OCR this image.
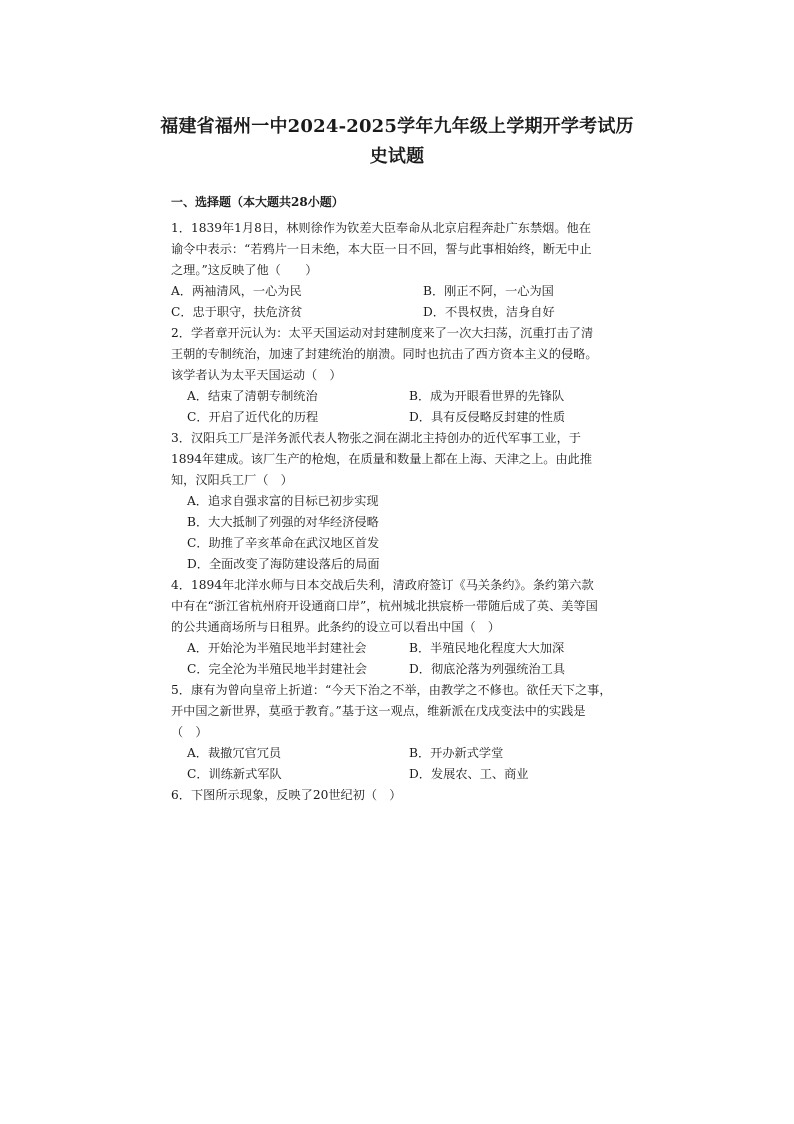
福建省福州一中2024-2025学年九年级上学期开学考试历
史试题
一、选择题（本大题共28小题）

1．1839年1月8日，林则徐作为钦差大臣奉命从北京启程奔赴广东禁烟。他在

谕令中表示：“若鸦片一日未绝，本大臣一日不回，誓与此事相始终，断无中止

之理。”这反映了他（　　）

A．两袖清风，一心为民	B．刚正不阿，一心为国
C．忠于职守，扶危济贫	D．不畏权贵，洁身自好

2．学者章开沅认为：太平天国运动对封建制度来了一次大扫荡，沉重打击了清

王朝的专制统治，加速了封建统治的崩溃。同时也抗击了西方资本主义的侵略。

该学者认为太平天国运动（　）

A．结束了清朝专制统治	B．成为开眼看世界的先锋队
C．开启了近代化的历程	D．具有反侵略反封建的性质

3．汉阳兵工厂是洋务派代表人物张之洞在湖北主持创办的近代军事工业，于

1894年建成。该厂生产的枪炮，在质量和数量上都在上海、天津之上。由此推

知，汉阳兵工厂（　）

A．追求自强求富的目标已初步实现
B．大大抵制了列强的对华经济侵略
C．助推了辛亥革命在武汉地区首发
D．全面改变了海防建设落后的局面

4．1894年北洋水师与日本交战后失利，清政府签订《马关条约》。条约第六款

中有在“浙江省杭州府开设通商口岸”，杭州城北拱宸桥一带随后成了英、美等国

的公共通商场所与日租界。此条约的设立可以看出中国（　）

A．开始沦为半殖民地半封建社会	B．半殖民地化程度大大加深
C．完全沦为半殖民地半封建社会	D．彻底沦落为列强统治工具

5．康有为曾向皇帝上折道：“今天下治之不举，由教学之不修也。欲任天下之事，

开中国之新世界，莫亟于教育。”基于这一观点，维新派在戊戌变法中的实践是

（　）

A．裁撤冗官冗员	B．开办新式学堂
C．训练新式军队	D．发展农、工、商业

6．下图所示现象，反映了20世纪初（　）
